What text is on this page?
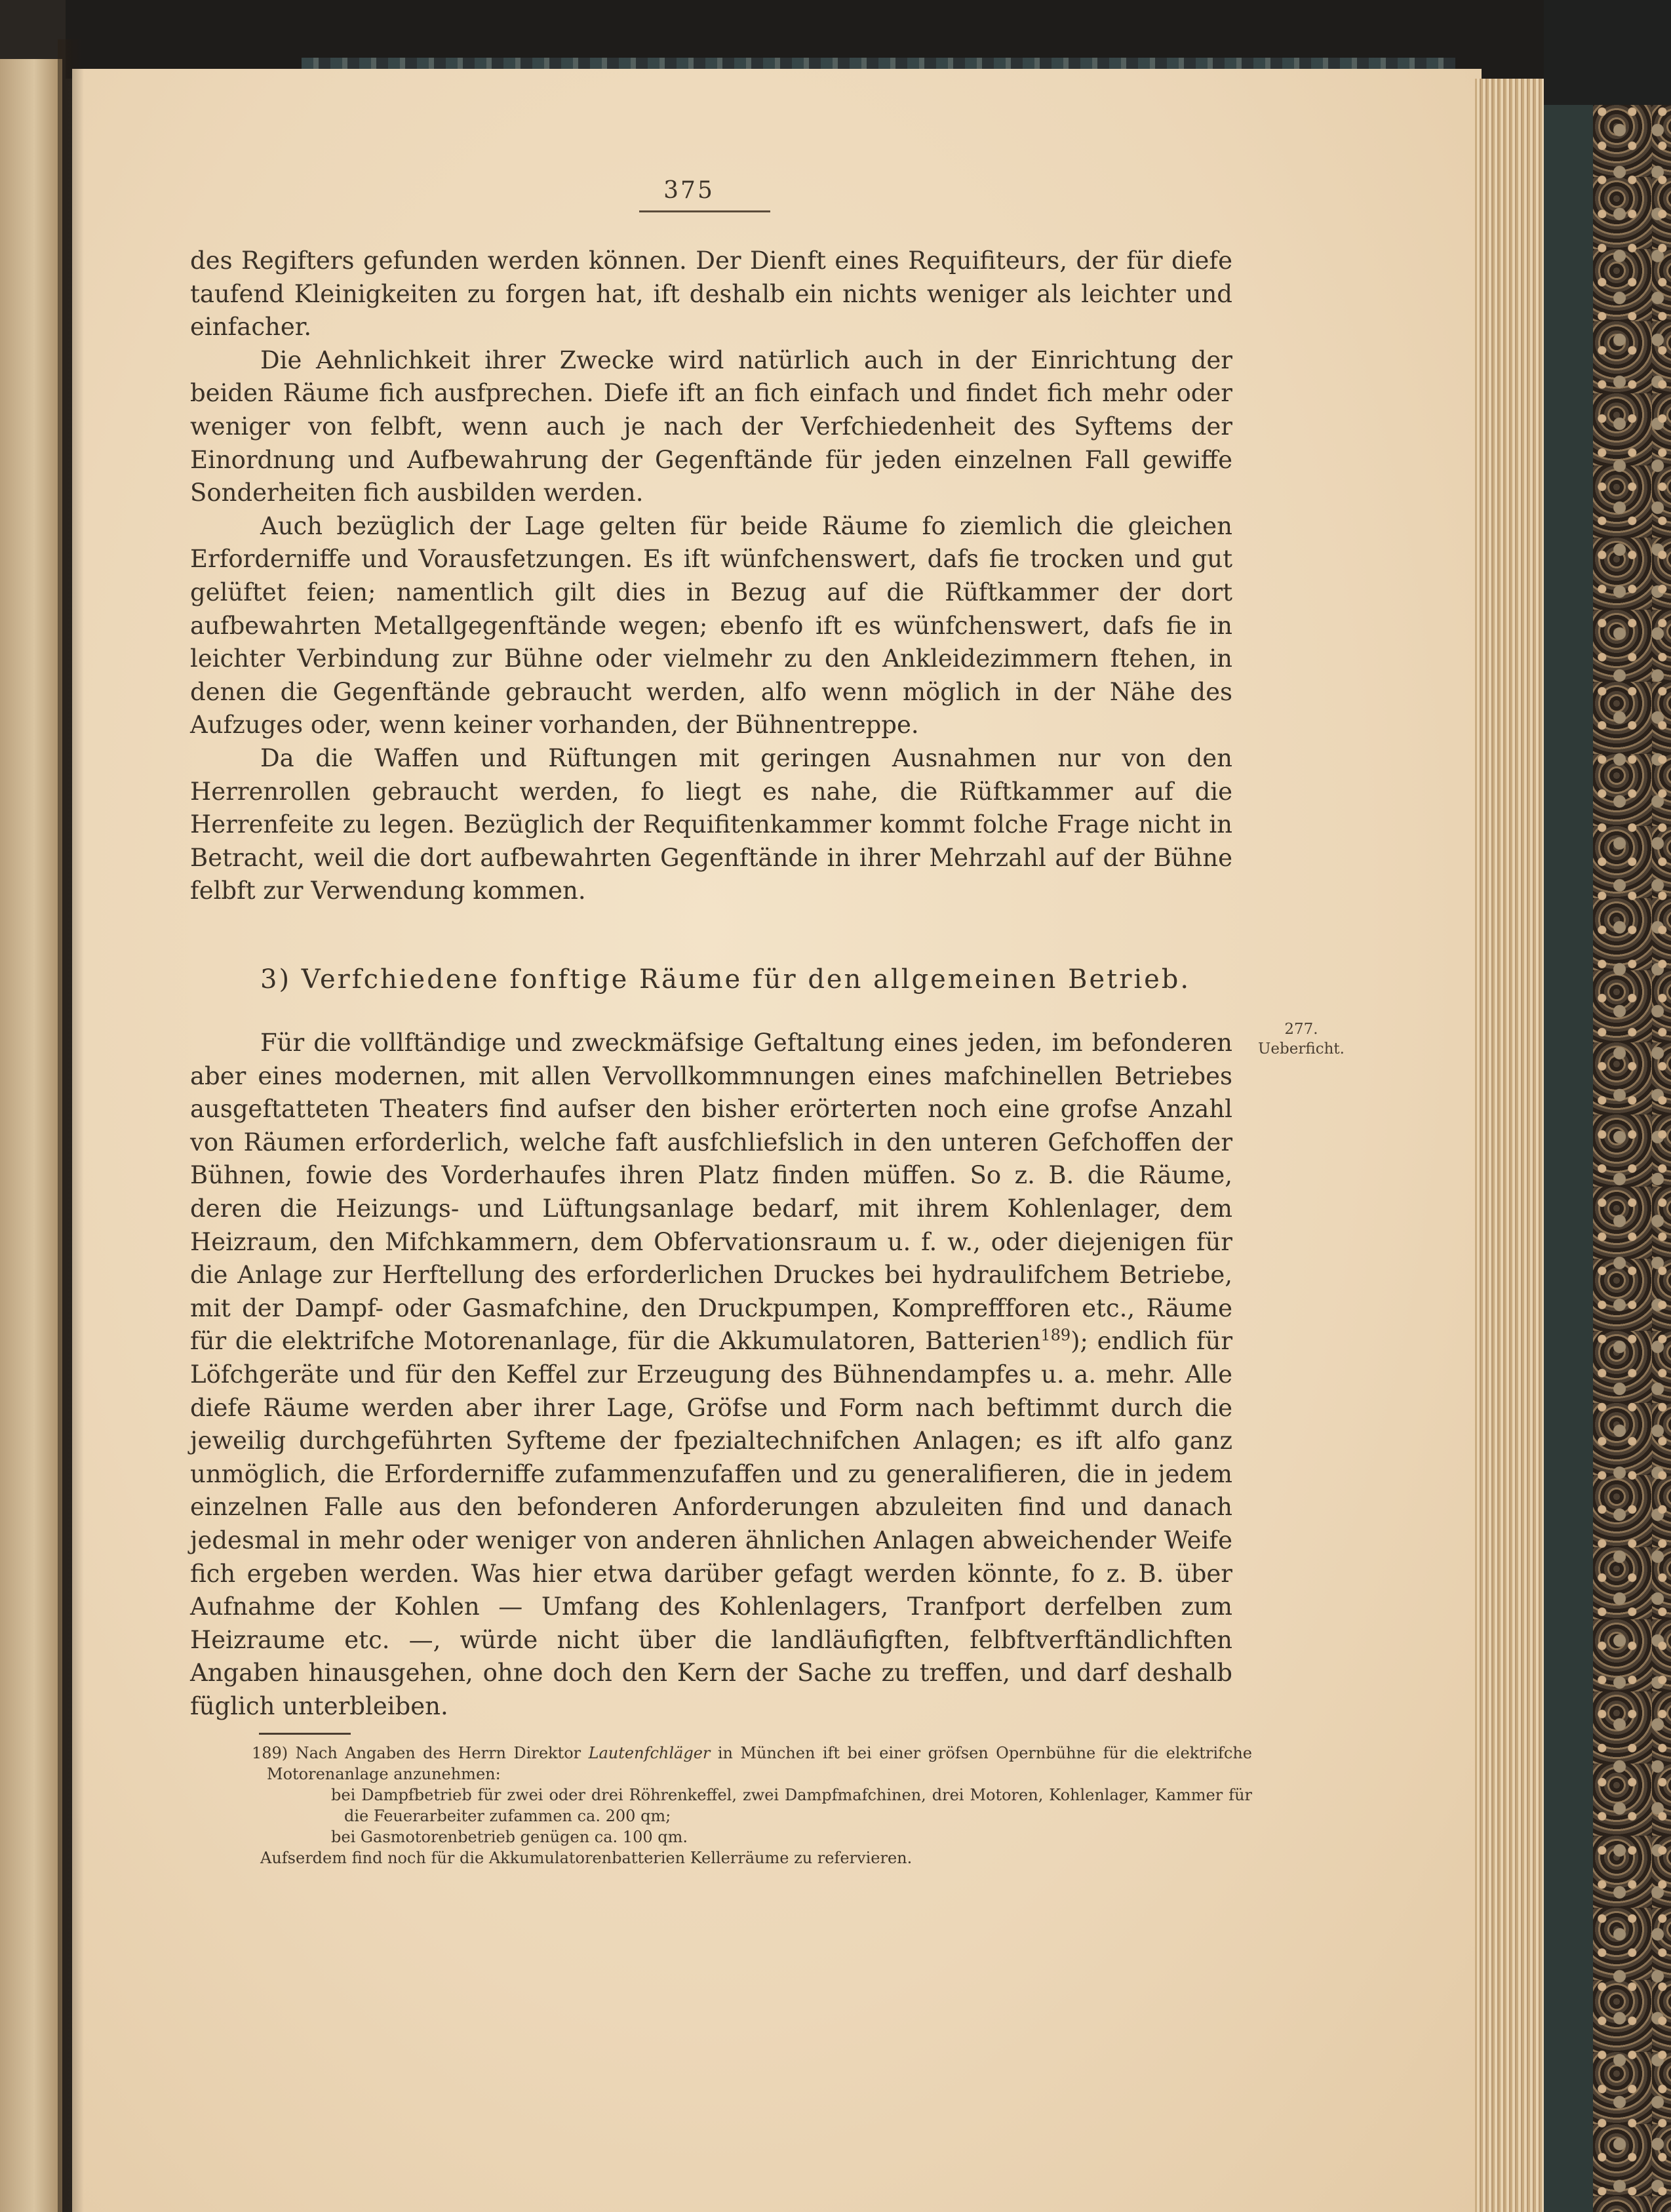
375

des Regifters gefunden werden können. Der Dienft eines Requifiteurs, der für diefe taufend Kleinigkeiten zu forgen hat, ift deshalb ein nichts weniger als leichter und einfacher.

Die Aehnlichkeit ihrer Zwecke wird natürlich auch in der Einrichtung der beiden Räume fich ausfprechen. Diefe ift an fich einfach und findet fich mehr oder weniger von felbft, wenn auch je nach der Verfchiedenheit des Syftems der Einordnung und Aufbewahrung der Gegenftände für jeden einzelnen Fall gewiffe Sonderheiten fich ausbilden werden.

Auch bezüglich der Lage gelten für beide Räume fo ziemlich die gleichen Erforderniffe und Vorausfetzungen. Es ift wünfchenswert, dafs fie trocken und gut gelüftet feien; namentlich gilt dies in Bezug auf die Rüftkammer der dort aufbewahrten Metallgegenftände wegen; ebenfo ift es wünfchenswert, dafs fie in leichter Verbindung zur Bühne oder vielmehr zu den Ankleidezimmern ftehen, in denen die Gegenftände gebraucht werden, alfo wenn möglich in der Nähe des Aufzuges oder, wenn keiner vorhanden, der Bühnentreppe.

Da die Waffen und Rüftungen mit geringen Ausnahmen nur von den Herrenrollen gebraucht werden, fo liegt es nahe, die Rüftkammer auf die Herrenfeite zu legen. Bezüglich der Requifitenkammer kommt folche Frage nicht in Betracht, weil die dort aufbewahrten Gegenftände in ihrer Mehrzahl auf der Bühne felbft zur Verwendung kommen.

3) Verfchiedene fonftige Räume für den allgemeinen Betrieb.

277.
Ueberficht.

Für die vollftändige und zweckmäfsige Geftaltung eines jeden, im befonderen aber eines modernen, mit allen Vervollkommnungen eines mafchinellen Betriebes ausgeftatteten Theaters find aufser den bisher erörterten noch eine grofse Anzahl von Räumen erforderlich, welche faft ausfchliefslich in den unteren Gefchoffen der Bühnen, fowie des Vorderhaufes ihren Platz finden müffen. So z. B. die Räume, deren die Heizungs- und Lüftungsanlage bedarf, mit ihrem Kohlenlager, dem Heizraum, den Mifchkammern, dem Obfervationsraum u. f. w., oder diejenigen für die Anlage zur Herftellung des erforderlichen Druckes bei hydraulifchem Betriebe, mit der Dampf- oder Gasmafchine, den Druckpumpen, Kompreffforen etc., Räume für die elektrifche Motorenanlage, für die Akkumulatoren, Batterien$^{189}$); endlich für Löfchgeräte und für den Keffel zur Erzeugung des Bühnendampfes u. a. mehr. Alle diefe Räume werden aber ihrer Lage, Gröfse und Form nach beftimmt durch die jeweilig durchgeführten Syfteme der fpezialtechnifchen Anlagen; es ift alfo ganz unmöglich, die Erforderniffe zufammenzufaffen und zu generalifieren, die in jedem einzelnen Falle aus den befonderen Anforderungen abzuleiten find und danach jedesmal in mehr oder weniger von anderen ähnlichen Anlagen abweichender Weife fich ergeben werden. Was hier etwa darüber gefagt werden könnte, fo z. B. über Aufnahme der Kohlen — Umfang des Kohlenlagers, Tranfport derfelben zum Heizraume etc. —, würde nicht über die landläufigften, felbftverftändlichften Angaben hinausgehen, ohne doch den Kern der Sache zu treffen, und darf deshalb füglich unterbleiben.

189) Nach Angaben des Herrn Direktor Lautenfchläger in München ift bei einer gröfsen Opernbühne für die elektrifche Motorenanlage anzunehmen:
bei Dampfbetrieb für zwei oder drei Röhrenkeffel, zwei Dampfmafchinen, drei Motoren, Kohlenlager, Kammer für die Feuerarbeiter zufammen ca. 200 qm;
bei Gasmotorenbetrieb genügen ca. 100 qm.
Aufserdem find noch für die Akkumulatorenbatterien Kellerräume zu refervieren.
